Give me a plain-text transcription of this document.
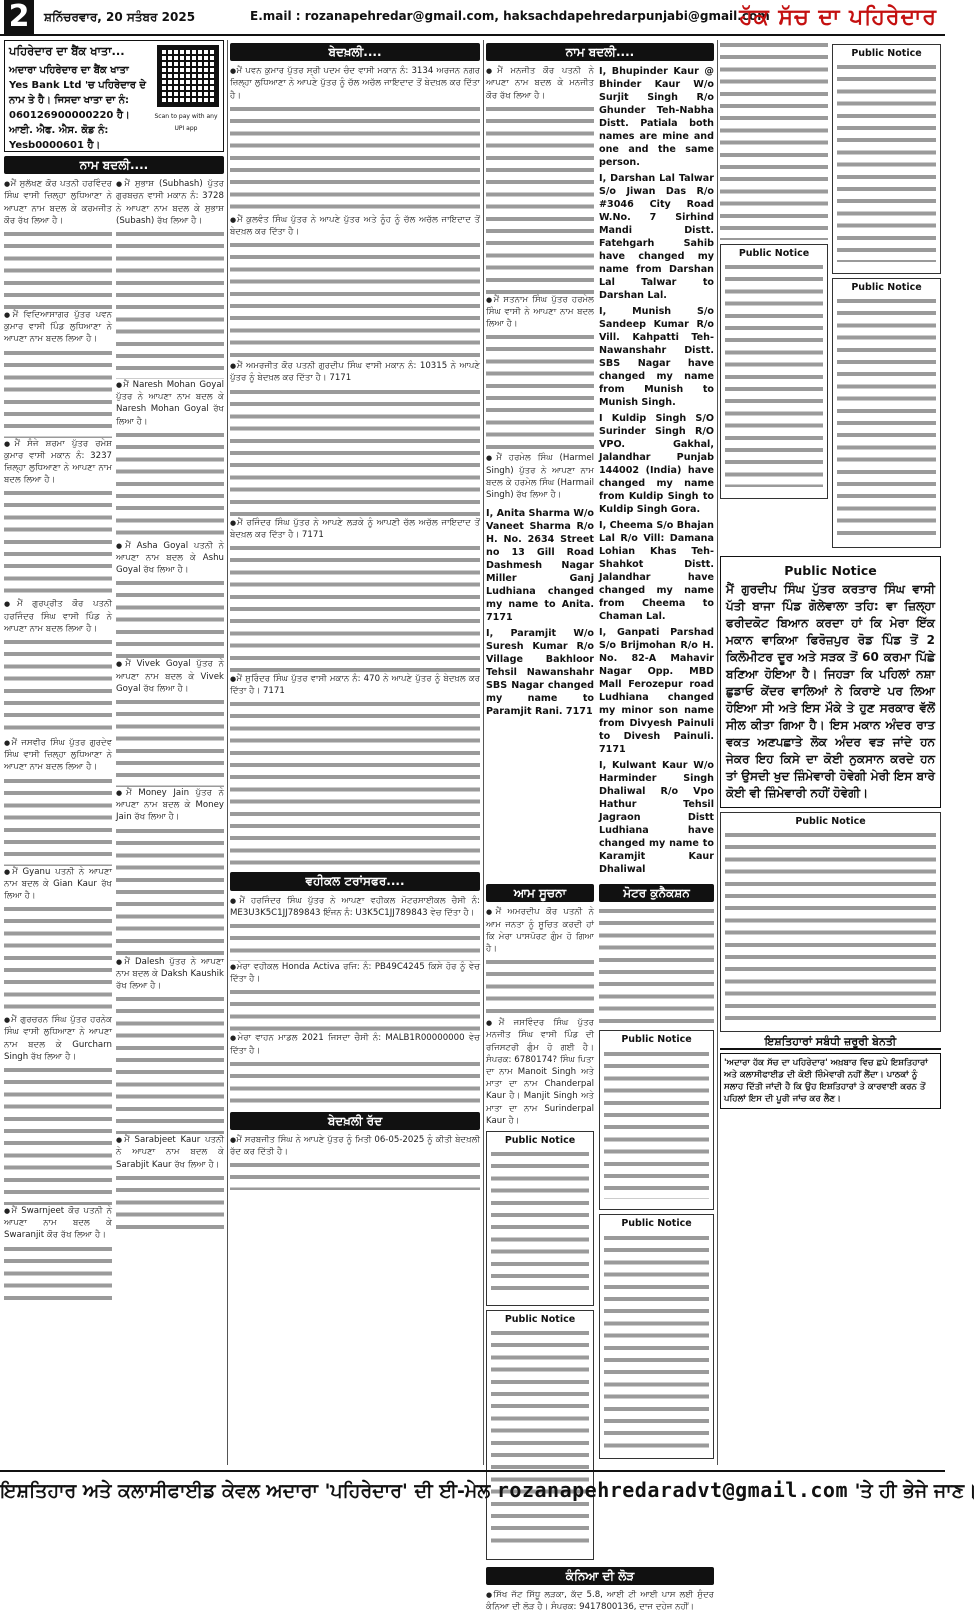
2	ਸ਼ਨਿੱਚਰਵਾਰ, 20 ਸਤੰਬਰ 2025	E.mail : rozanapehredar@gmail.com, haksachdapehredarpunjabi@gmail.com
ਹੱਕ ਸੱਚ ਦਾ ਪਹਿਰੇਦਾਰ
ਪਹਿਰੇਦਾਰ ਦਾ ਬੈਂਕ ਖਾਤਾ...
ਅਦਾਰਾ ਪਹਿਰੇਦਾਰ ਦਾ ਬੈਂਕ ਖਾਤਾ Yes Bank Ltd 'ਚ ਪਹਿਰੇਦਾਰ ਦੇ ਨਾਮ ਤੇ ਹੈ। ਜਿਸਦਾ ਖਾਤਾ ਦਾ ਨੰ: 060126900000220 ਹੈ। ਆਈ. ਐਫ. ਐਸ. ਕੋਡ ਨੰ: Yesb0000601 ਹੈ।
Scan to pay with any UPI app
ਨਾਮ ਬਦਲੀ....
● ਮੈਂ ਸੁਲੱਖਣ ਕੌਰ ਪਤਨੀ ਹਰਵਿੰਦਰ ਸਿੰਘ ਵਾਸੀ ਜ਼ਿਲ੍ਹਾ ਲੁਧਿਆਣਾ ਨੇ ਆਪਣਾ ਨਾਮ ਬਦਲ ਕੇ ਕਰਮਜੀਤ ਕੌਰ ਰੱਖ ਲਿਆ ਹੈ।
● ਮੈਂ ਵਿਦਿਆਸਾਗਰ ਪੁੱਤਰ ਪਵਨ ਕੁਮਾਰ ਵਾਸੀ ਪਿੰਡ ਲੁਧਿਆਣਾ ਨੇ ਆਪਣਾ ਨਾਮ ਬਦਲ ਲਿਆ ਹੈ।
● ਮੈਂ ਸੰਜੇ ਸ਼ਰਮਾ ਪੁੱਤਰ ਰਮੇਸ਼ ਕੁਮਾਰ ਵਾਸੀ ਮਕਾਨ ਨੰ: 3237 ਜ਼ਿਲ੍ਹਾ ਲੁਧਿਆਣਾ ਨੇ ਆਪਣਾ ਨਾਮ ਬਦਲ ਲਿਆ ਹੈ।
● ਮੈਂ ਗੁਰਪ੍ਰੀਤ ਕੌਰ ਪਤਨੀ ਹਰਜਿੰਦਰ ਸਿੰਘ ਵਾਸੀ ਪਿੰਡ ਨੇ ਆਪਣਾ ਨਾਮ ਬਦਲ ਲਿਆ ਹੈ।
● ਮੈਂ ਜਸਵੀਰ ਸਿੰਘ ਪੁੱਤਰ ਗੁਰਦੇਵ ਸਿੰਘ ਵਾਸੀ ਜ਼ਿਲ੍ਹਾ ਲੁਧਿਆਣਾ ਨੇ ਆਪਣਾ ਨਾਮ ਬਦਲ ਲਿਆ ਹੈ।
● ਮੈਂ Gyanu ਪਤਨੀ ਨੇ ਆਪਣਾ ਨਾਮ ਬਦਲ ਕੇ Gian Kaur ਰੱਖ ਲਿਆ ਹੈ।
● ਮੈਂ ਗੁਰਚਰਨ ਸਿੰਘ ਪੁੱਤਰ ਹਰਨੇਕ ਸਿੰਘ ਵਾਸੀ ਲੁਧਿਆਣਾ ਨੇ ਆਪਣਾ ਨਾਮ ਬਦਲ ਕੇ Gurcharn Singh ਰੱਖ ਲਿਆ ਹੈ।
● ਮੈਂ Swarnjeet ਕੌਰ ਪਤਨੀ ਨੇ ਆਪਣਾ ਨਾਮ ਬਦਲ ਕੇ Swaranjit ਕੌਰ ਰੱਖ ਲਿਆ ਹੈ।
● ਮੈਂ ਸੁਭਾਸ਼ (Subhash) ਪੁੱਤਰ ਗੁਰਬਚਨ ਵਾਸੀ ਮਕਾਨ ਨੰ: 3728 ਨੇ ਆਪਣਾ ਨਾਮ ਬਦਲ ਕੇ ਸੁਭਾਸ਼ (Subash) ਰੱਖ ਲਿਆ ਹੈ।
● ਮੈਂ Naresh Mohan Goyal ਪੁੱਤਰ ਨੇ ਆਪਣਾ ਨਾਮ ਬਦਲ ਕੇ Naresh Mohan Goyal ਰੱਖ ਲਿਆ ਹੈ।
● ਮੈਂ Asha Goyal ਪਤਨੀ ਨੇ ਆਪਣਾ ਨਾਮ ਬਦਲ ਕੇ Ashu Goyal ਰੱਖ ਲਿਆ ਹੈ।
● ਮੈਂ Vivek Goyal ਪੁੱਤਰ ਨੇ ਆਪਣਾ ਨਾਮ ਬਦਲ ਕੇ Vivek Goyal ਰੱਖ ਲਿਆ ਹੈ।
● ਮੈਂ Money Jain ਪੁੱਤਰ ਨੇ ਆਪਣਾ ਨਾਮ ਬਦਲ ਕੇ Money Jain ਰੱਖ ਲਿਆ ਹੈ।
● ਮੈਂ Dalesh ਪੁੱਤਰ ਨੇ ਆਪਣਾ ਨਾਮ ਬਦਲ ਕੇ Daksh Kaushik ਰੱਖ ਲਿਆ ਹੈ।
● ਮੈਂ Sarabjeet Kaur ਪਤਨੀ ਨੇ ਆਪਣਾ ਨਾਮ ਬਦਲ ਕੇ Sarabjit Kaur ਰੱਖ ਲਿਆ ਹੈ।
ਬੇਦਖ਼ਲੀ....
● ਮੈਂ ਪਵਨ ਕੁਮਾਰ ਪੁੱਤਰ ਸ੍ਰੀ ਪਦਮ ਚੰਦ ਵਾਸੀ ਮਕਾਨ ਨੰ: 3134 ਅਰਜਨ ਨਗਰ ਜ਼ਿਲ੍ਹਾ ਲੁਧਿਆਣਾ ਨੇ ਆਪਣੇ ਪੁੱਤਰ ਨੂੰ ਚੱਲ ਅਚੱਲ ਜਾਇਦਾਦ ਤੋਂ ਬੇਦਖ਼ਲ ਕਰ ਦਿੱਤਾ ਹੈ।
● ਮੈਂ ਕੁਲਵੰਤ ਸਿੰਘ ਪੁੱਤਰ ਨੇ ਆਪਣੇ ਪੁੱਤਰ ਅਤੇ ਨੂੰਹ ਨੂੰ ਚੱਲ ਅਚੱਲ ਜਾਇਦਾਦ ਤੋਂ ਬੇਦਖ਼ਲ ਕਰ ਦਿੱਤਾ ਹੈ।
● ਮੈਂ ਅਮਰਜੀਤ ਕੌਰ ਪਤਨੀ ਗੁਰਦੀਪ ਸਿੰਘ ਵਾਸੀ ਮਕਾਨ ਨੰ: 10315 ਨੇ ਆਪਣੇ ਪੁੱਤਰ ਨੂੰ ਬੇਦਖ਼ਲ ਕਰ ਦਿੱਤਾ ਹੈ। 7171
● ਮੈਂ ਰਜਿੰਦਰ ਸਿੰਘ ਪੁੱਤਰ ਨੇ ਆਪਣੇ ਲੜਕੇ ਨੂੰ ਆਪਣੀ ਚੱਲ ਅਚੱਲ ਜਾਇਦਾਦ ਤੋਂ ਬੇਦਖ਼ਲ ਕਰ ਦਿੱਤਾ ਹੈ। 7171
● ਮੈਂ ਸੁਰਿੰਦਰ ਸਿੰਘ ਪੁੱਤਰ ਵਾਸੀ ਮਕਾਨ ਨੰ: 470 ਨੇ ਆਪਣੇ ਪੁੱਤਰ ਨੂੰ ਬੇਦਖ਼ਲ ਕਰ ਦਿੱਤਾ ਹੈ। 7171
ਵਹੀਕਲ ਟਰਾਂਸਫਰ....
● ਮੈਂ ਹਰਜਿੰਦਰ ਸਿੰਘ ਪੁੱਤਰ ਨੇ ਆਪਣਾ ਵਹੀਕਲ ਮੋਟਰਸਾਈਕਲ ਚੈਸੀ ਨੰ: ME3U3K5C1JJ789843 ਇੰਜਨ ਨੰ: U3K5C1JJ789843 ਵੇਚ ਦਿੱਤਾ ਹੈ।
● ਮੇਰਾ ਵਹੀਕਲ Honda Activa ਰਜਿ: ਨੰ: PB49C4245 ਕਿਸੇ ਹੋਰ ਨੂੰ ਵੇਚ ਦਿੱਤਾ ਹੈ।
● ਮੇਰਾ ਵਾਹਨ ਮਾਡਲ 2021 ਜਿਸਦਾ ਚੈਸੀ ਨੰ: MALB1R00000000 ਵੇਚ ਦਿੱਤਾ ਹੈ।
ਬੇਦਖ਼ਲੀ ਰੱਦ
● ਮੈਂ ਸਰਬਜੀਤ ਸਿੰਘ ਨੇ ਆਪਣੇ ਪੁੱਤਰ ਨੂੰ ਮਿਤੀ 06-05-2025 ਨੂੰ ਕੀਤੀ ਬੇਦਖ਼ਲੀ ਰੱਦ ਕਰ ਦਿੱਤੀ ਹੈ।
ਨਾਮ ਬਦਲੀ....
● ਮੈਂ ਮਨਜੀਤ ਕੌਰ ਪਤਨੀ ਨੇ ਆਪਣਾ ਨਾਮ ਬਦਲ ਕੇ ਮਨਜੀਤ ਕੌਰ ਰੱਖ ਲਿਆ ਹੈ।
● ਮੈਂ ਸਤਨਾਮ ਸਿੰਘ ਪੁੱਤਰ ਹਰਮੇਲ ਸਿੰਘ ਵਾਸੀ ਨੇ ਆਪਣਾ ਨਾਮ ਬਦਲ ਲਿਆ ਹੈ।
● ਮੈਂ ਹਰਮੇਲ ਸਿੰਘ (Harmel Singh) ਪੁੱਤਰ ਨੇ ਆਪਣਾ ਨਾਮ ਬਦਲ ਕੇ ਹਰਮੇਲ ਸਿੰਘ (Harmail Singh) ਰੱਖ ਲਿਆ ਹੈ।
I, Anita Sharma W/o Vaneet Sharma R/o H. No. 2634 Street no 13 Gill Road Dashmesh Nagar Miller Ganj Ludhiana changed my name to Anita. 7171
I, Paramjit W/o Suresh Kumar R/o Village Bakhloor Tehsil Nawanshahr SBS Nagar changed my name to Paramjit Rani. 7171
I, Bhupinder Kaur @ Bhinder Kaur W/o Surjit Singh R/o Ghunder Teh-Nabha Distt. Patiala both names are mine and one and the same person.
I, Darshan Lal Talwar S/o Jiwan Das R/o #3046 City Road W.No. 7 Sirhind Mandi Distt. Fatehgarh Sahib have changed my name from Darshan Lal Talwar to Darshan Lal.
I, Munish S/o Sandeep Kumar R/o Vill. Kahpatti Teh-Nawanshahr Distt. SBS Nagar have changed my name from Munish to Munish Singh.
I Kuldip Singh S/O Surinder Singh R/O VPO. Gakhal, Jalandhar Punjab 144002 (India) have changed my name from Kuldip Singh to Kuldip Singh Gora.
I, Cheema S/o Bhajan Lal R/o Vill: Damana Lohian Khas Teh-Shahkot Distt. Jalandhar have changed my name from Cheema to Chaman Lal.
I, Ganpati Parshad S/o Brijmohan R/o H. No. 82-A Mahavir Nagar Opp. MBD Mall Ferozepur road Ludhiana changed my minor son name from Divyesh Painuli to Divesh Painuli. 7171
I, Kulwant Kaur W/o Harminder Singh Dhaliwal R/o Vpo Hathur Tehsil Jagraon Distt Ludhiana have changed my name to Karamjit Kaur Dhaliwal
ਆਮ ਸੂਚਨਾ
● ਮੈਂ ਅਮਰਦੀਪ ਕੌਰ ਪਤਨੀ ਨੇ ਆਮ ਜਨਤਾ ਨੂੰ ਸੂਚਿਤ ਕਰਦੀ ਹਾਂ ਕਿ ਮੇਰਾ ਪਾਸਪੋਰਟ ਗੁੰਮ ਹੋ ਗਿਆ ਹੈ।
● ਮੈਂ ਜਸਵਿੰਦਰ ਸਿੰਘ ਪੁੱਤਰ ਮਨਜੀਤ ਸਿੰਘ ਵਾਸੀ ਪਿੰਡ ਦੀ ਰਜਿਸਟਰੀ ਗੁੰਮ ਹੋ ਗਈ ਹੈ। ਸੰਪਰਕ: 6780174? ਸਿੰਘ ਪਿਤਾ ਦਾ ਨਾਮ Manoit Singh ਅਤੇ ਮਾਤਾ ਦਾ ਨਾਮ Chanderpal Kaur ਹੈ। Manjit Singh ਅਤੇ ਮਾਤਾ ਦਾ ਨਾਮ Surinderpal Kaur ਹੈ।
Public Notice
Public Notice
ਮੋਟਰ ਕੁਨੈਕਸ਼ਨ
Public Notice
Public Notice
ਕੰਨਿਆ ਦੀ ਲੋੜ
● ਸਿੱਖ ਜੱਟ ਸਿੱਧੂ ਲੜਕਾ, ਕੱਦ 5.8, ਆਈ ਟੀ ਆਈ ਪਾਸ ਲਈ ਸੁੰਦਰ ਕੰਨਿਆ ਦੀ ਲੋੜ ਹੈ। ਸੰਪਰਕ: 9417800136, ਦਾਜ ਦਹੇਜ ਨਹੀਂ।
Public Notice
Public Notice
Public Notice
Public Notice
ਮੈਂ ਗੁਰਦੀਪ ਸਿੰਘ ਪੁੱਤਰ ਕਰਤਾਰ ਸਿੰਘ ਵਾਸੀ ਪੱਤੀ ਬਾਜਾ ਪਿੰਡ ਗੋਲੇਵਾਲਾ ਤਹਿ: ਵਾ ਜ਼ਿਲ੍ਹਾ ਫਰੀਦਕੋਟ ਬਿਆਨ ਕਰਦਾ ਹਾਂ ਕਿ ਮੇਰਾ ਇੱਕ ਮਕਾਨ ਵਾਕਿਆ ਫਿਰੋਜ਼ਪੁਰ ਰੋਡ ਪਿੰਡ ਤੋਂ 2 ਕਿਲੋਮੀਟਰ ਦੂਰ ਅਤੇ ਸੜਕ ਤੋਂ 60 ਕਰਮਾ ਪਿੱਛੇ ਬਣਿਆ ਹੋਇਆ ਹੈ। ਜਿਹੜਾ ਕਿ ਪਹਿਲਾਂ ਨਸ਼ਾ ਛੁਡਾਓ ਕੇਂਦਰ ਵਾਲਿਆਂ ਨੇ ਕਿਰਾਏ ਪਰ ਲਿਆ ਹੋਇਆ ਸੀ ਅਤੇ ਇਸ ਮੌਕੇ ਤੇ ਹੁਣ ਸਰਕਾਰ ਵੱਲੋਂ ਸੀਲ ਕੀਤਾ ਗਿਆ ਹੈ। ਇਸ ਮਕਾਨ ਅੰਦਰ ਰਾਤ ਵਕਤ ਅਣਪਛਾਤੇ ਲੋਕ ਅੰਦਰ ਵੜ ਜਾਂਦੇ ਹਨ ਜੇਕਰ ਇਹ ਕਿਸੇ ਦਾ ਕੋਈ ਨੁਕਸਾਨ ਕਰਦੇ ਹਨ ਤਾਂ ਉਸਦੀ ਖੁਦ ਜ਼ਿੰਮੇਵਾਰੀ ਹੋਵੇਗੀ ਮੇਰੀ ਇਸ ਬਾਰੇ ਕੋਈ ਵੀ ਜ਼ਿੰਮੇਵਾਰੀ ਨਹੀਂ ਹੋਵੇਗੀ।
Public Notice
ਇਸ਼ਤਿਹਾਰਾਂ ਸਬੰਧੀ ਜ਼ਰੂਰੀ ਬੇਨਤੀ
'ਅਦਾਰਾ ਹੱਕ ਸੱਚ ਦਾ ਪਹਿਰੇਦਾਰ' ਅਖ਼ਬਾਰ ਵਿਚ ਛਪੇ ਇਸ਼ਤਿਹਾਰਾਂ ਅਤੇ ਕਲਾਸੀਫਾਈਡ ਦੀ ਕੋਈ ਜ਼ਿੰਮੇਵਾਰੀ ਨਹੀਂ ਲੈਂਦਾ। ਪਾਠਕਾਂ ਨੂੰ ਸਲਾਹ ਦਿੱਤੀ ਜਾਂਦੀ ਹੈ ਕਿ ਉਹ ਇਸ਼ਤਿਹਾਰਾਂ ਤੇ ਕਾਰਵਾਈ ਕਰਨ ਤੋਂ ਪਹਿਲਾਂ ਇਸ ਦੀ ਪੂਰੀ ਜਾਂਚ ਕਰ ਲੈਣ।
ਇਸ਼ਤਿਹਾਰ ਅਤੇ ਕਲਾਸੀਫਾਈਡ ਕੇਵਲ ਅਦਾਰਾ 'ਪਹਿਰੇਦਾਰ' ਦੀ ਈ-ਮੇਲ rozanapehredaradvt@gmail.com 'ਤੇ ਹੀ ਭੇਜੇ ਜਾਣ।
